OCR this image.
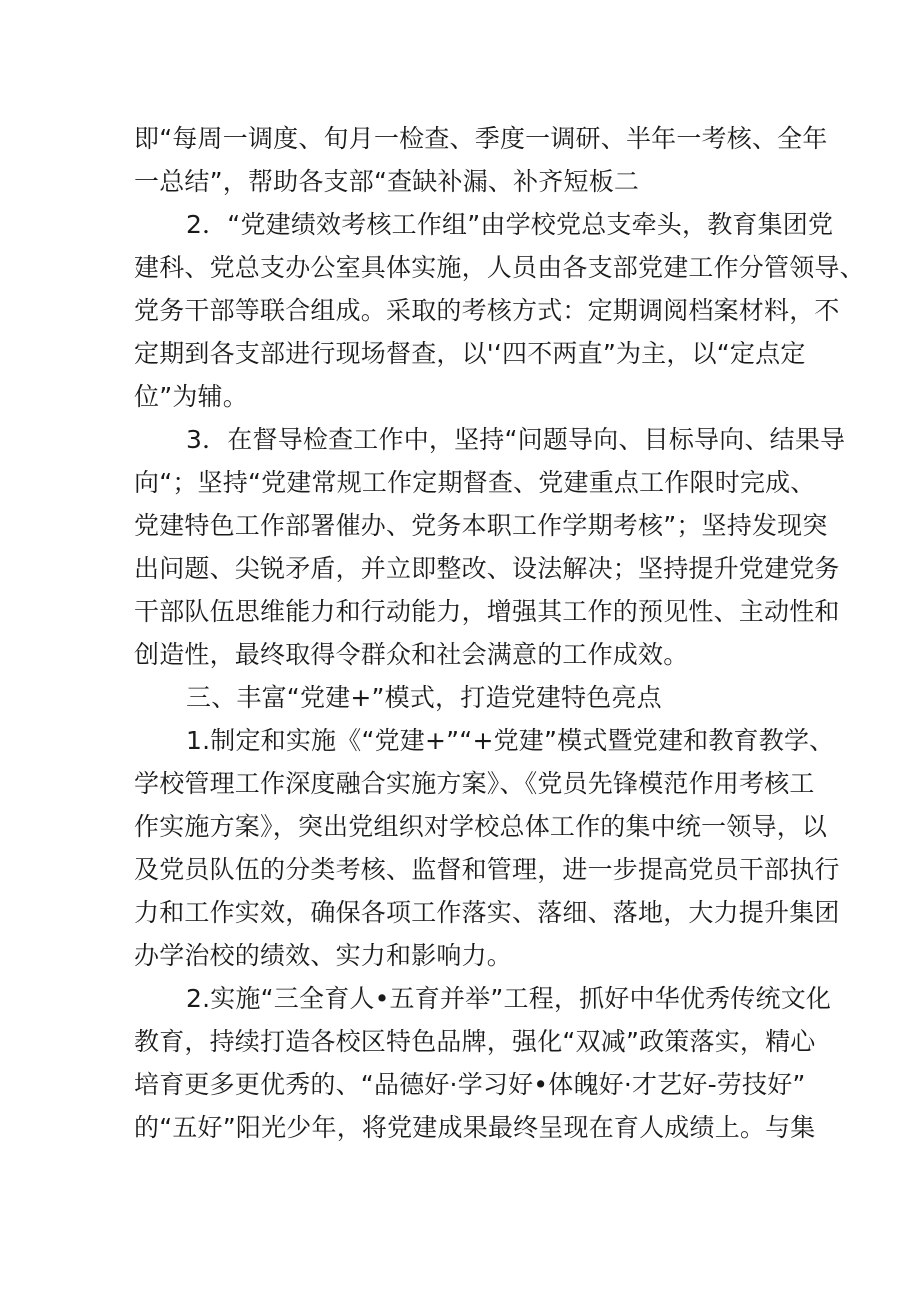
即“每周一调度、旬月一检查、季度一调研、半年一考核、全年
一总结”，帮助各支部“查缺补漏、补齐短板二
2．“党建绩效考核工作组”由学校党总支牵头，教育集团党
建科、党总支办公室具体实施，人员由各支部党建工作分管领导、
党务干部等联合组成。采取的考核方式：定期调阅档案材料，不
定期到各支部进行现场督查，以'‘四不两直”为主，以“定点定
位”为辅。
3．在督导检查工作中，坚持“问题导向、目标导向、结果导
向“；坚持“党建常规工作定期督查、党建重点工作限时完成、
党建特色工作部署催办、党务本职工作学期考核”；坚持发现突
出问题、尖锐矛盾，并立即整改、设法解决；坚持提升党建党务
干部队伍思维能力和行动能力，增强其工作的预见性、主动性和
创造性，最终取得令群众和社会满意的工作成效。
三、丰富“党建+”模式，打造党建特色亮点
1.制定和实施《“党建+”“+党建”模式暨党建和教育教学、
学校管理工作深度融合实施方案》、《党员先锋模范作用考核工
作实施方案》，突出党组织对学校总体工作的集中统一领导，以
及党员队伍的分类考核、监督和管理，进一步提高党员干部执行
力和工作实效，确保各项工作落实、落细、落地，大力提升集团
办学治校的绩效、实力和影响力。
2.实施“三全育人•五育并举”工程，抓好中华优秀传统文化
教育，持续打造各校区特色品牌，强化“双减”政策落实，精心
培育更多更优秀的、“品德好·学习好•体魄好·才艺好-劳技好”
的“五好”阳光少年，将党建成果最终呈现在育人成绩上。与集
